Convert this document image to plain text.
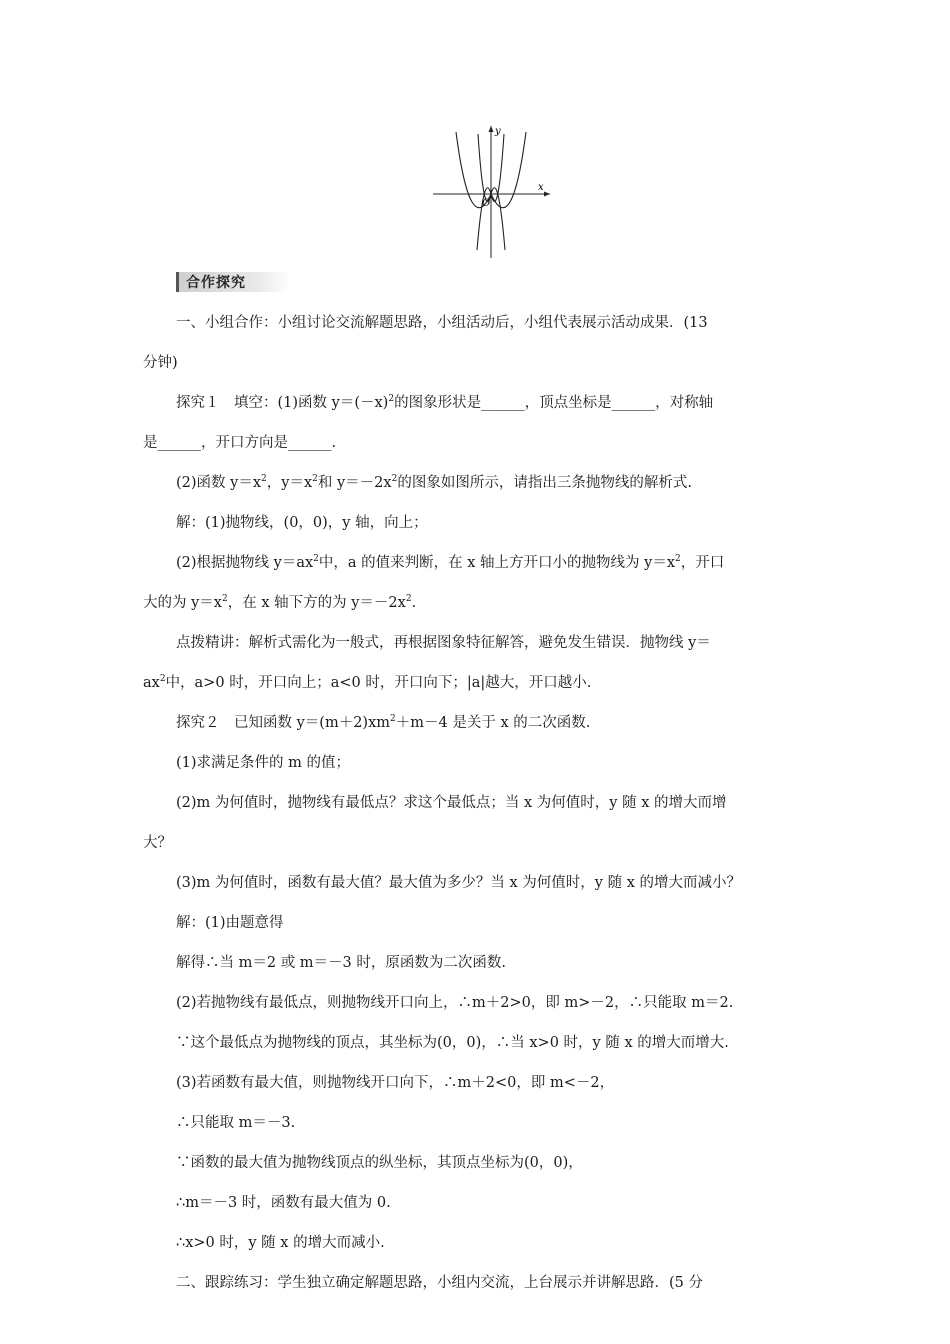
y
x
O
合作探究
一、小组合作：小组讨论交流解题思路，小组活动后，小组代表展示活动成果．(13
分钟)
探究１　填空：(1)函数 $y=(-x)^2$的图象形状是______，顶点坐标是______，对称轴
是______，开口方向是______.
(2)函数 $y=x^2$，$y=x^2$和 $y=-2x^2$的图象如图所示，请指出三条抛物线的解析式.
解：(1)抛物线，(0，0)，y 轴，向上；
(2)根据抛物线 $y=ax^2$中，a 的值来判断，在 x 轴上方开口小的抛物线为 $y=x^2$，开口
大的为 $y=x^2$，在 x 轴下方的为 $y=-2x^2$.
点拨精讲：解析式需化为一般式，再根据图象特征解答，避免发生错误．抛物线 y＝
$ax^2$中，a>0 时，开口向上；a<0 时，开口向下；|a|越大，开口越小.
探究２　已知函数 $y=(m+2)xm^2+m-4$ 是关于 x 的二次函数.
(1)求满足条件的 m 的值；
(2)m 为何值时，抛物线有最低点？求这个最低点；当 x 为何值时，y 随 x 的增大而增
大？
(3)m 为何值时，函数有最大值？最大值为多少？当 x 为何值时，y 随 x 的增大而减小？
解：(1)由题意得
解得∴当 m＝2 或 m＝－3 时，原函数为二次函数.
(2)若抛物线有最低点，则抛物线开口向上，∴m＋2>0，即 m>－2，∴只能取 m＝2.
∵这个最低点为抛物线的顶点，其坐标为(0，0)，∴当 x>0 时，y 随 x 的增大而增大.
(3)若函数有最大值，则抛物线开口向下，∴m＋2<0，即 m<－2，
∴只能取 m＝－3.
∵函数的最大值为抛物线顶点的纵坐标，其顶点坐标为(0，0)，
∴m＝－3 时，函数有最大值为 0.
∴x>0 时，y 随 x 的增大而减小.
二、跟踪练习：学生独立确定解题思路，小组内交流，上台展示并讲解思路．(5 分
